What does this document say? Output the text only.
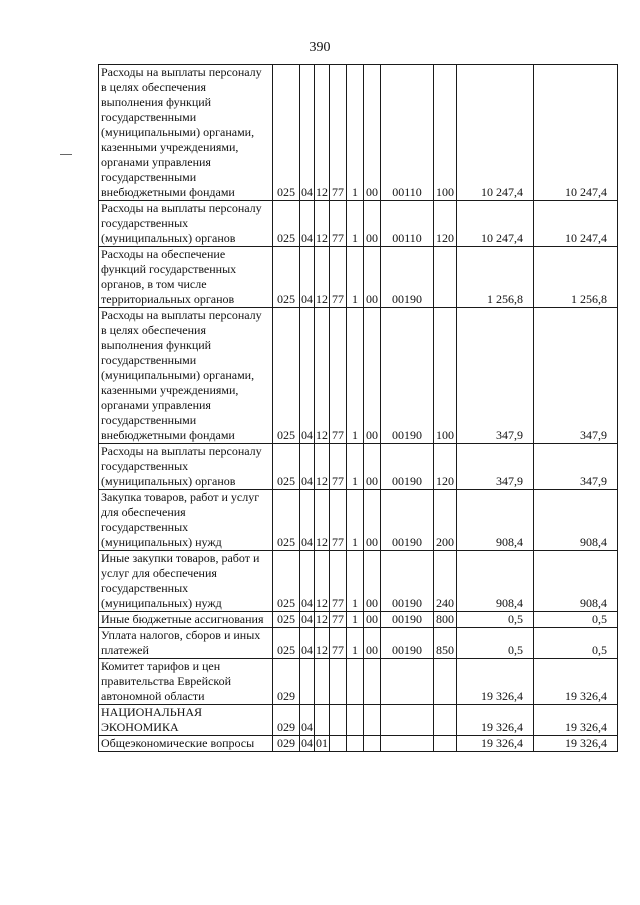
390
Расходы на выплаты персоналу в целях обеспечения выполнения функций государственными (муниципальными) органами, казенными учреждениями, органами управления государственными внебюджетными фондами	025	04	12	77	1	00	00110	100	10 247,4	10 247,4
Расходы на выплаты персоналу государственных (муниципальных) органов	025	04	12	77	1	00	00110	120	10 247,4	10 247,4
Расходы на обеспечение функций государственных органов, в том числе территориальных органов	025	04	12	77	1	00	00190		1 256,8	1 256,8
Расходы на выплаты персоналу в целях обеспечения выполнения функций государственными (муниципальными) органами, казенными учреждениями, органами управления государственными внебюджетными фондами	025	04	12	77	1	00	00190	100	347,9	347,9
Расходы на выплаты персоналу государственных (муниципальных) органов	025	04	12	77	1	00	00190	120	347,9	347,9
Закупка товаров, работ и услуг для обеспечения государственных (муниципальных) нужд	025	04	12	77	1	00	00190	200	908,4	908,4
Иные закупки товаров, работ и услуг для обеспечения государственных (муниципальных) нужд	025	04	12	77	1	00	00190	240	908,4	908,4
Иные бюджетные ассигнования	025	04	12	77	1	00	00190	800	0,5	0,5
Уплата налогов, сборов и иных платежей	025	04	12	77	1	00	00190	850	0,5	0,5
Комитет тарифов и цен правительства Еврейской автономной области	029								19 326,4	19 326,4
НАЦИОНАЛЬНАЯ ЭКОНОМИКА	029	04							19 326,4	19 326,4
Общеэкономические вопросы	029	04	01						19 326,4	19 326,4
